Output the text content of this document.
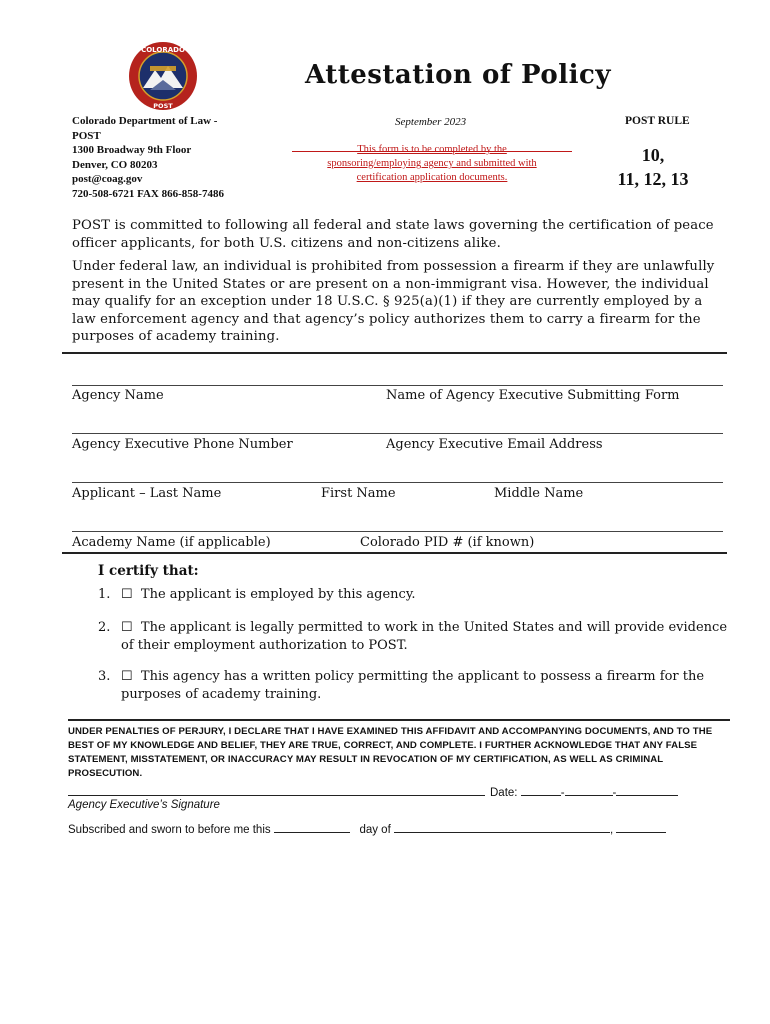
COLORADO
POST
Attestation of Policy
Colorado Department of Law -
POST
1300 Broadway 9th Floor
Denver, CO 80203
post@coag.gov
720-508-6721 FAX 866-858-7486
September 2023
This form is to be completed by the
sponsoring/employing agency and submitted with
certification application documents.
POST RULE
10,
11, 12, 13
POST is committed to following all federal and state laws governing the certification of peace officer applicants, for both U.S. citizens and non-citizens alike.
Under federal law, an individual is prohibited from possession a firearm if they are unlawfully present in the United States or are present on a non-immigrant visa. However, the individual may qualify for an exception under 18 U.S.C. § 925(a)(1) if they are currently employed by a law enforcement agency and that agency’s policy authorizes them to carry a firearm for the purposes of academy training.
Agency Name	Name of Agency Executive Submitting Form
Agency Executive Phone Number	Agency Executive Email Address
Applicant – Last Name	First Name	Middle Name
Academy Name (if applicable)	Colorado PID # (if known)
I certify that:
1. ☐ The applicant is employed by this agency.
2. ☐ The applicant is legally permitted to work in the United States and will provide evidence of their employment authorization to POST.
3. ☐ This agency has a written policy permitting the applicant to possess a firearm for the purposes of academy training.
UNDER PENALTIES OF PERJURY, I DECLARE THAT I HAVE EXAMINED THIS AFFIDAVIT AND ACCOMPANYING DOCUMENTS, AND TO THE BEST OF MY KNOWLEDGE AND BELIEF, THEY ARE TRUE, CORRECT, AND COMPLETE. I FURTHER ACKNOWLEDGE THAT ANY FALSE STATEMENT, MISSTATEMENT, OR INACCURACY MAY RESULT IN REVOCATION OF MY CERTIFICATION, AS WELL AS CRIMINAL PROSECUTION.
Date:	-	-
Agency Executive’s Signature
Subscribed and sworn to before me this	day of	,
